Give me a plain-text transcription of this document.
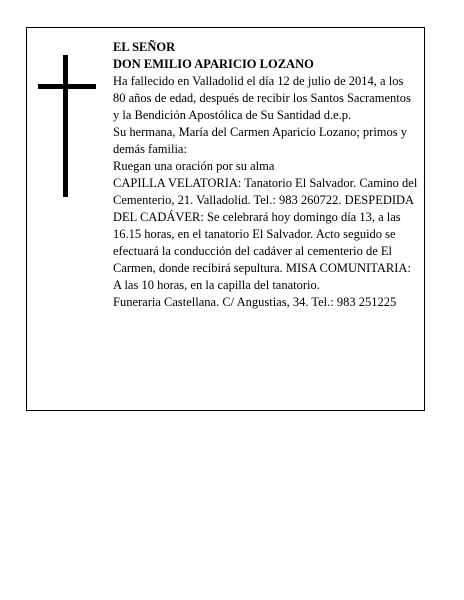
EL SEÑOR

DON EMILIO APARICIO LOZANO

Ha fallecido en Valladolid el día 12 de julio de 2014, a los 80 años de edad, después de recibir los Santos Sacramentos y la Bendición Apostólica de Su Santidad d.e.p.

Su hermana, María del Carmen Aparicio Lozano; primos y demás familia:

Ruegan una oración por su alma

CAPILLA VELATORIA: Tanatorio El Salvador. Camino del Cementerio, 21. Valladolid. Tel.: 983 260722. DESPEDIDA DEL CADÁVER: Se celebrará hoy domingo día 13, a las 16.15 horas, en el tanatorio El Salvador. Acto seguido se efectuará la conducción del cadáver al cementerio de El Carmen, donde recibirá sepultura. MISA COMUNITARIA: A las 10 horas, en la capilla del tanatorio.

Funeraria Castellana. C/ Angustias, 34. Tel.: 983 251225
